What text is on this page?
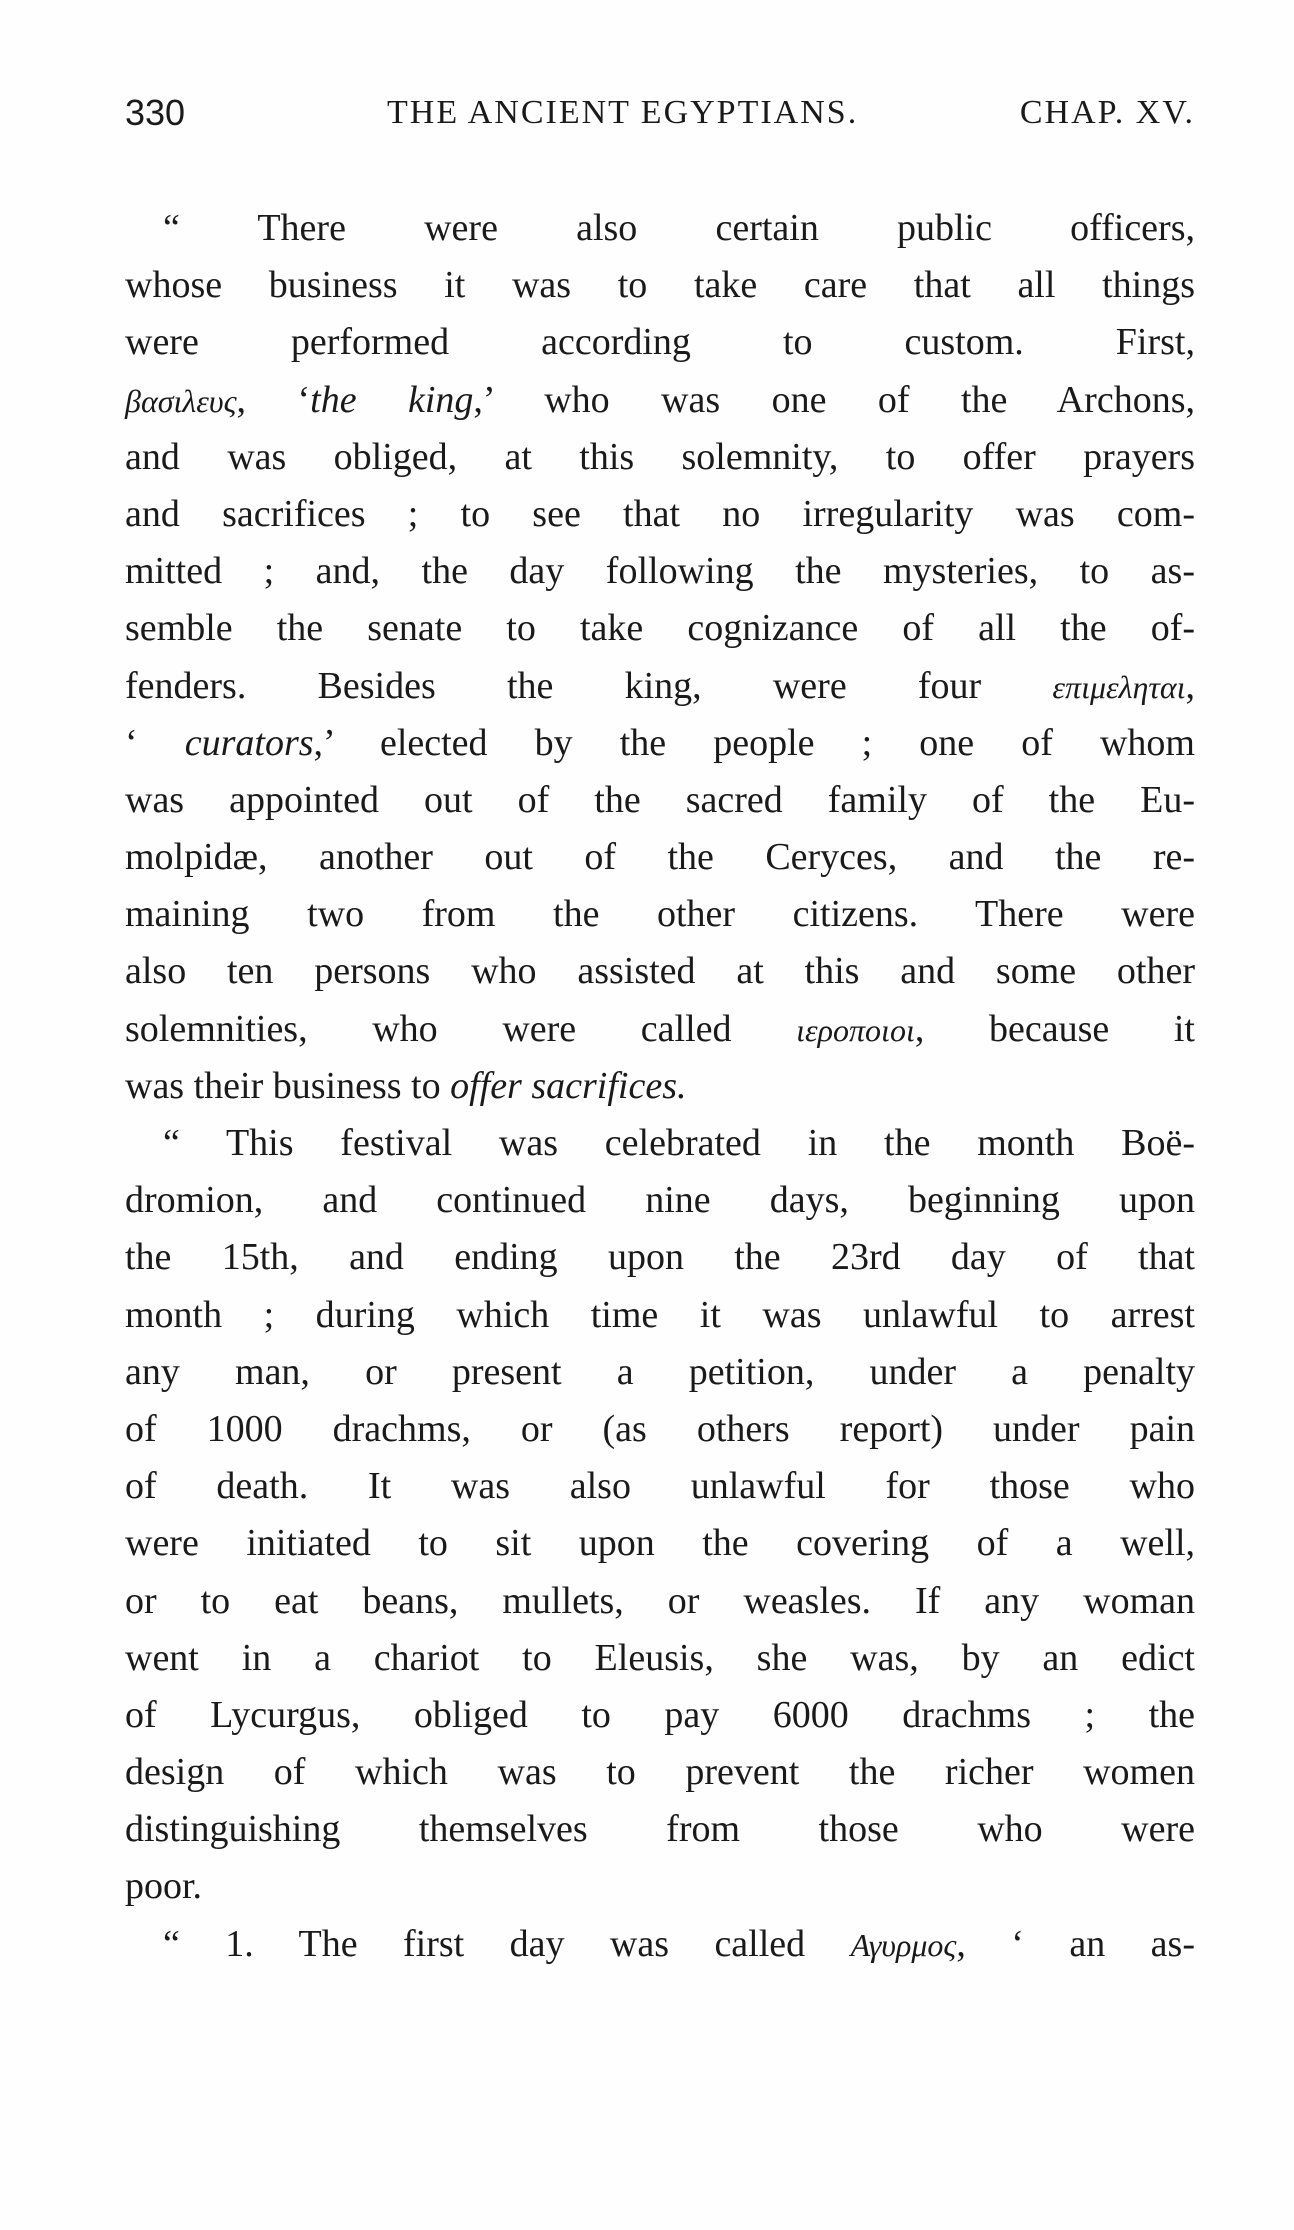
330	THE ANCIENT EGYPTIANS.	CHAP. XV.
“ There were also certain public officers,
whose business it was to take care that all things
were performed according to custom. First,
βασιλευς, ‘the king,’ who was one of the Archons,
and was obliged, at this solemnity, to offer prayers
and sacrifices ; to see that no irregularity was com-
mitted ; and, the day following the mysteries, to as-
semble the senate to take cognizance of all the of-
fenders. Besides the king, were four επιμεληται,
‘ curators,’ elected by the people ; one of whom
was appointed out of the sacred family of the Eu-
molpidæ, another out of the Ceryces, and the re-
maining two from the other citizens. There were
also ten persons who assisted at this and some other
solemnities, who were called ιεροποιοι, because it
was their business to offer sacrifices.
“ This festival was celebrated in the month Boë-
dromion, and continued nine days, beginning upon
the 15th, and ending upon the 23rd day of that
month ; during which time it was unlawful to arrest
any man, or present a petition, under a penalty
of 1000 drachms, or (as others report) under pain
of death. It was also unlawful for those who
were initiated to sit upon the covering of a well,
or to eat beans, mullets, or weasles. If any woman
went in a chariot to Eleusis, she was, by an edict
of Lycurgus, obliged to pay 6000 drachms ; the
design of which was to prevent the richer women
distinguishing themselves from those who were
poor.
“ 1. The first day was called Αγυρμος, ‘ an as-
